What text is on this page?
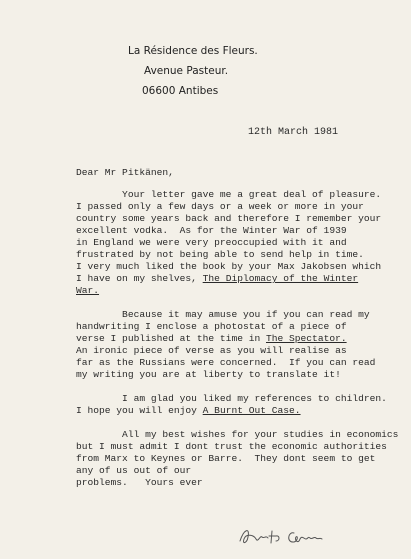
La Résidence des Fleurs.
Avenue Pasteur.
06600 Antibes
12th March 1981
Dear Mr Pitkänen,
Your letter gave me a great deal of pleasure.
I passed only a few days or a week or more in your
country some years back and therefore I remember your
excellent vodka.  As for the Winter War of 1939
in England we were very preoccupied with it and
frustrated by not being able to send help in time.
I very much liked the book by your Max Jakobsen which
I have on my shelves, The Diplomacy of the Winter
War.
Because it may amuse you if you can read my
handwriting I enclose a photostat of a piece of
verse I published at the time in The Spectator.
An ironic piece of verse as you will realise as
far as the Russians were concerned.  If you can read
my writing you are at liberty to translate it!
I am glad you liked my references to children.
I hope you will enjoy A Burnt Out Case.
All my best wishes for your studies in economics
but I must admit I dont trust the economic authorities
from Marx to Keynes or Barre.  They dont seem to get
any of us out of our
problems.   Yours ever
